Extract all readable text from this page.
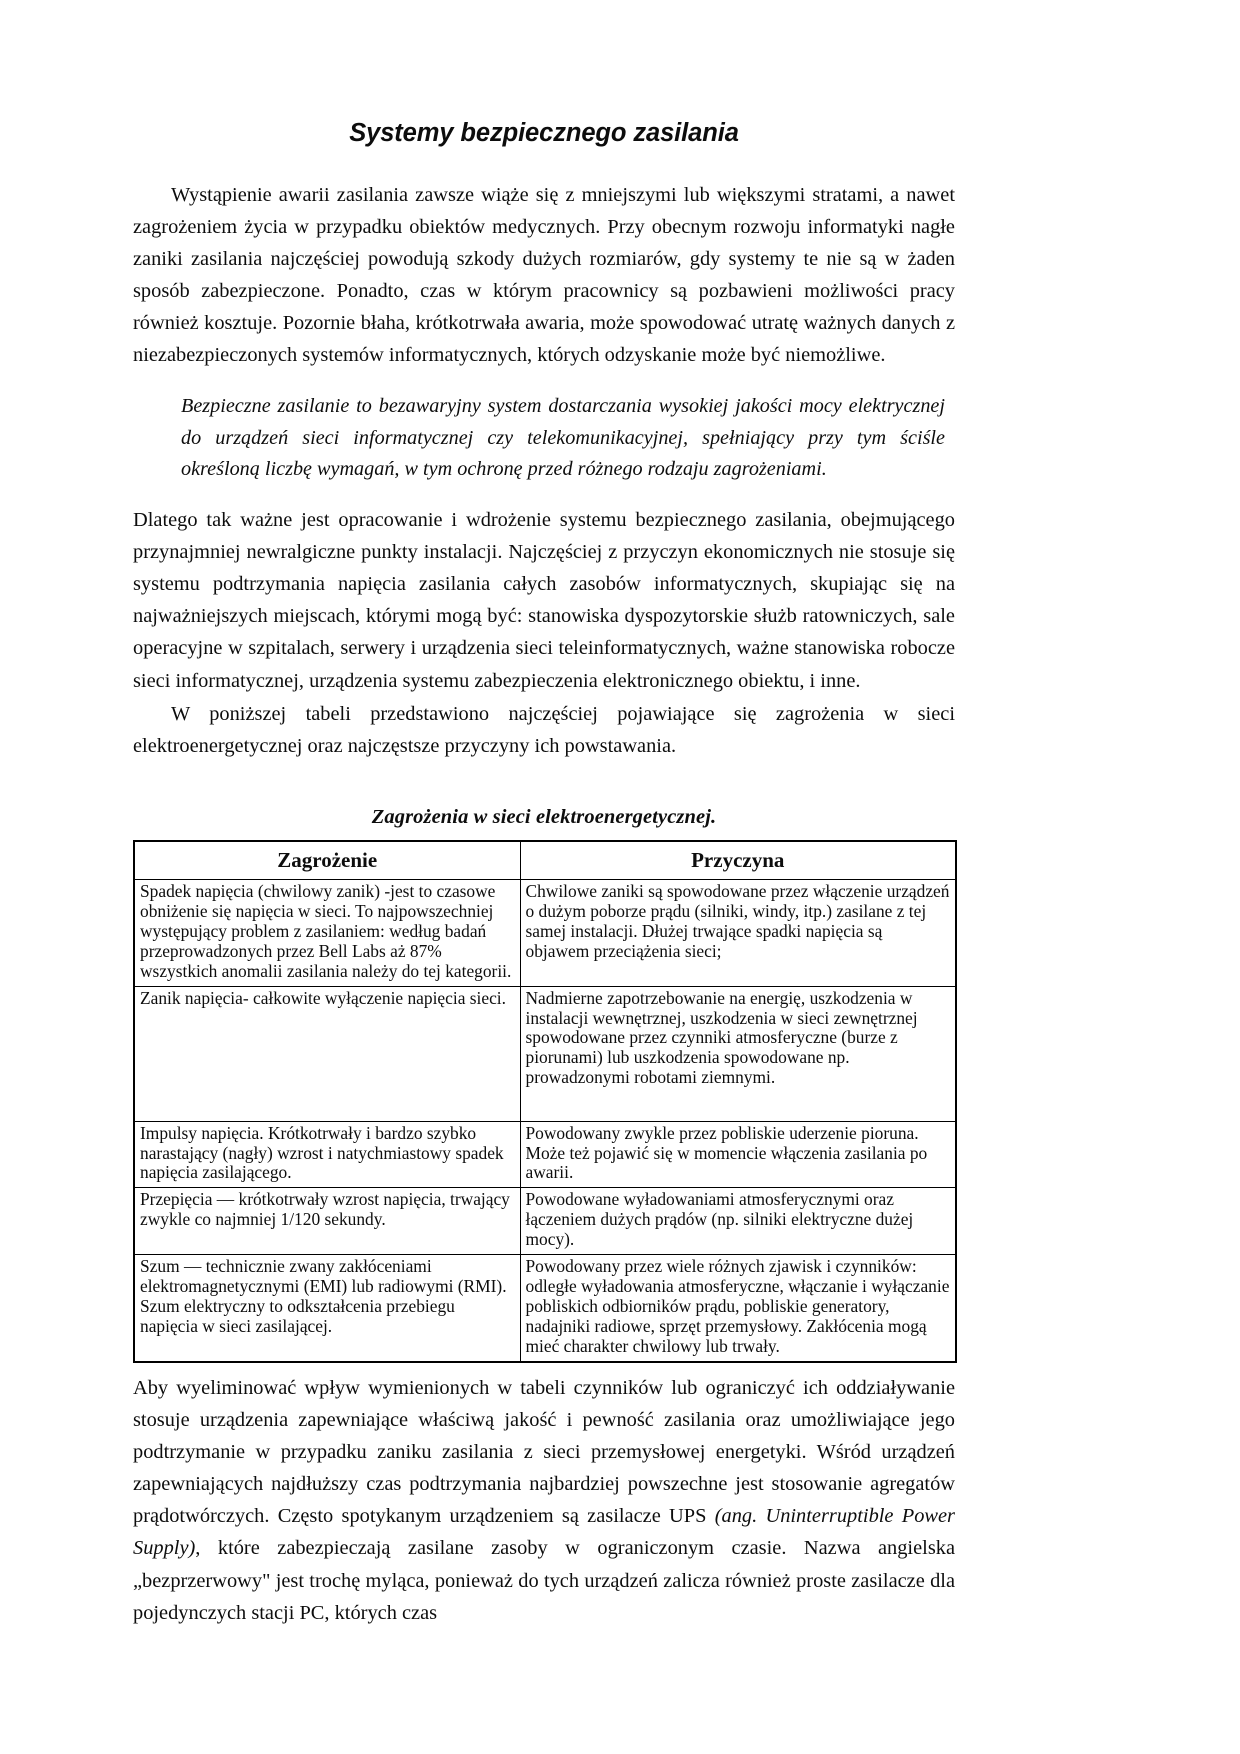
Systemy bezpiecznego zasilania

Wystąpienie awarii zasilania zawsze wiąże się z mniejszymi lub większymi stratami, a nawet zagrożeniem życia w przypadku obiektów medycznych. Przy obecnym rozwoju informatyki nagłe zaniki zasilania najczęściej powodują szkody dużych rozmiarów, gdy systemy te nie są w żaden sposób zabezpieczone. Ponadto, czas w którym pracownicy są pozbawieni możliwości pracy również kosztuje. Pozornie błaha, krótkotrwała awaria, może spowodować utratę ważnych danych z niezabezpieczonych systemów informatycznych, których odzyskanie może być niemożliwe.

Bezpieczne zasilanie to bezawaryjny system dostarczania wysokiej jakości mocy elektrycznej do urządzeń sieci informatycznej czy telekomunikacyjnej, spełniający przy tym ściśle określoną liczbę wymagań, w tym ochronę przed różnego rodzaju zagrożeniami.

Dlatego tak ważne jest opracowanie i wdrożenie systemu bezpiecznego zasilania, obejmującego przynajmniej newralgiczne punkty instalacji. Najczęściej z przyczyn ekonomicznych nie stosuje się systemu podtrzymania napięcia zasilania całych zasobów informatycznych, skupiając się na najważniejszych miejscach, którymi mogą być: stanowiska dyspozytorskie służb ratowniczych, sale operacyjne w szpitalach, serwery i urządzenia sieci teleinformatycznych, ważne stanowiska robocze sieci informatycznej, urządzenia systemu zabezpieczenia elektronicznego obiektu, i inne.

W poniższej tabeli przedstawiono najczęściej pojawiające się zagrożenia w sieci elektroenergetycznej oraz najczęstsze przyczyny ich powstawania.

Zagrożenia w sieci elektroenergetycznej.
Zagrożenie	Przyczyna
Spadek napięcia (chwilowy zanik) -jest to czasowe obniżenie się napięcia w sieci. To najpowszechniej występujący problem z zasilaniem: według badań przeprowadzonych przez Bell Labs aż 87% wszystkich anomalii zasilania należy do tej kategorii.	Chwilowe zaniki są spowodowane przez włączenie urządzeń o dużym poborze prądu (silniki, windy, itp.) zasilane z tej samej instalacji. Dłużej trwające spadki napięcia są objawem przeciążenia sieci;
Zanik napięcia- całkowite wyłączenie napięcia sieci.	Nadmierne zapotrzebowanie na energię, uszkodzenia w instalacji wewnętrznej, uszkodzenia w sieci zewnętrznej spowodowane przez czynniki atmosferyczne (burze z piorunami) lub uszkodzenia spowodowane np. prowadzonymi robotami ziemnymi.
Impulsy napięcia. Krótkotrwały i bardzo szybko narastający (nagły) wzrost i natychmiastowy spadek napięcia zasilającego.	Powodowany zwykle przez pobliskie uderzenie pioruna. Może też pojawić się w momencie włączenia zasilania po awarii.
Przepięcia — krótkotrwały wzrost napięcia, trwający zwykle co najmniej 1/120 sekundy.	Powodowane wyładowaniami atmosferycznymi oraz łączeniem dużych prądów (np. silniki elektryczne dużej mocy).
Szum — technicznie zwany zakłóceniami elektromagnetycznymi (EMI) lub radiowymi (RMI). Szum elektryczny to odkształcenia przebiegu napięcia w sieci zasilającej.	Powodowany przez wiele różnych zjawisk i czynników: odległe wyładowania atmosferyczne, włączanie i wyłączanie pobliskich odbiorników prądu, pobliskie generatory, nadajniki radiowe, sprzęt przemysłowy. Zakłócenia mogą mieć charakter chwilowy lub trwały.

Aby wyeliminować wpływ wymienionych w tabeli czynników lub ograniczyć ich oddziaływanie stosuje urządzenia zapewniające właściwą jakość i pewność zasilania oraz umożliwiające jego podtrzymanie w przypadku zaniku zasilania z sieci przemysłowej energetyki. Wśród urządzeń zapewniających najdłuższy czas podtrzymania najbardziej powszechne jest stosowanie agregatów prądotwórczych. Często spotykanym urządzeniem są zasilacze UPS (ang. Uninterruptible Power Supply), które zabezpieczają zasilane zasoby w ograniczonym czasie. Nazwa angielska „bezprzerwowy" jest trochę myląca, ponieważ do tych urządzeń zalicza również proste zasilacze dla pojedynczych stacji PC, których czas
